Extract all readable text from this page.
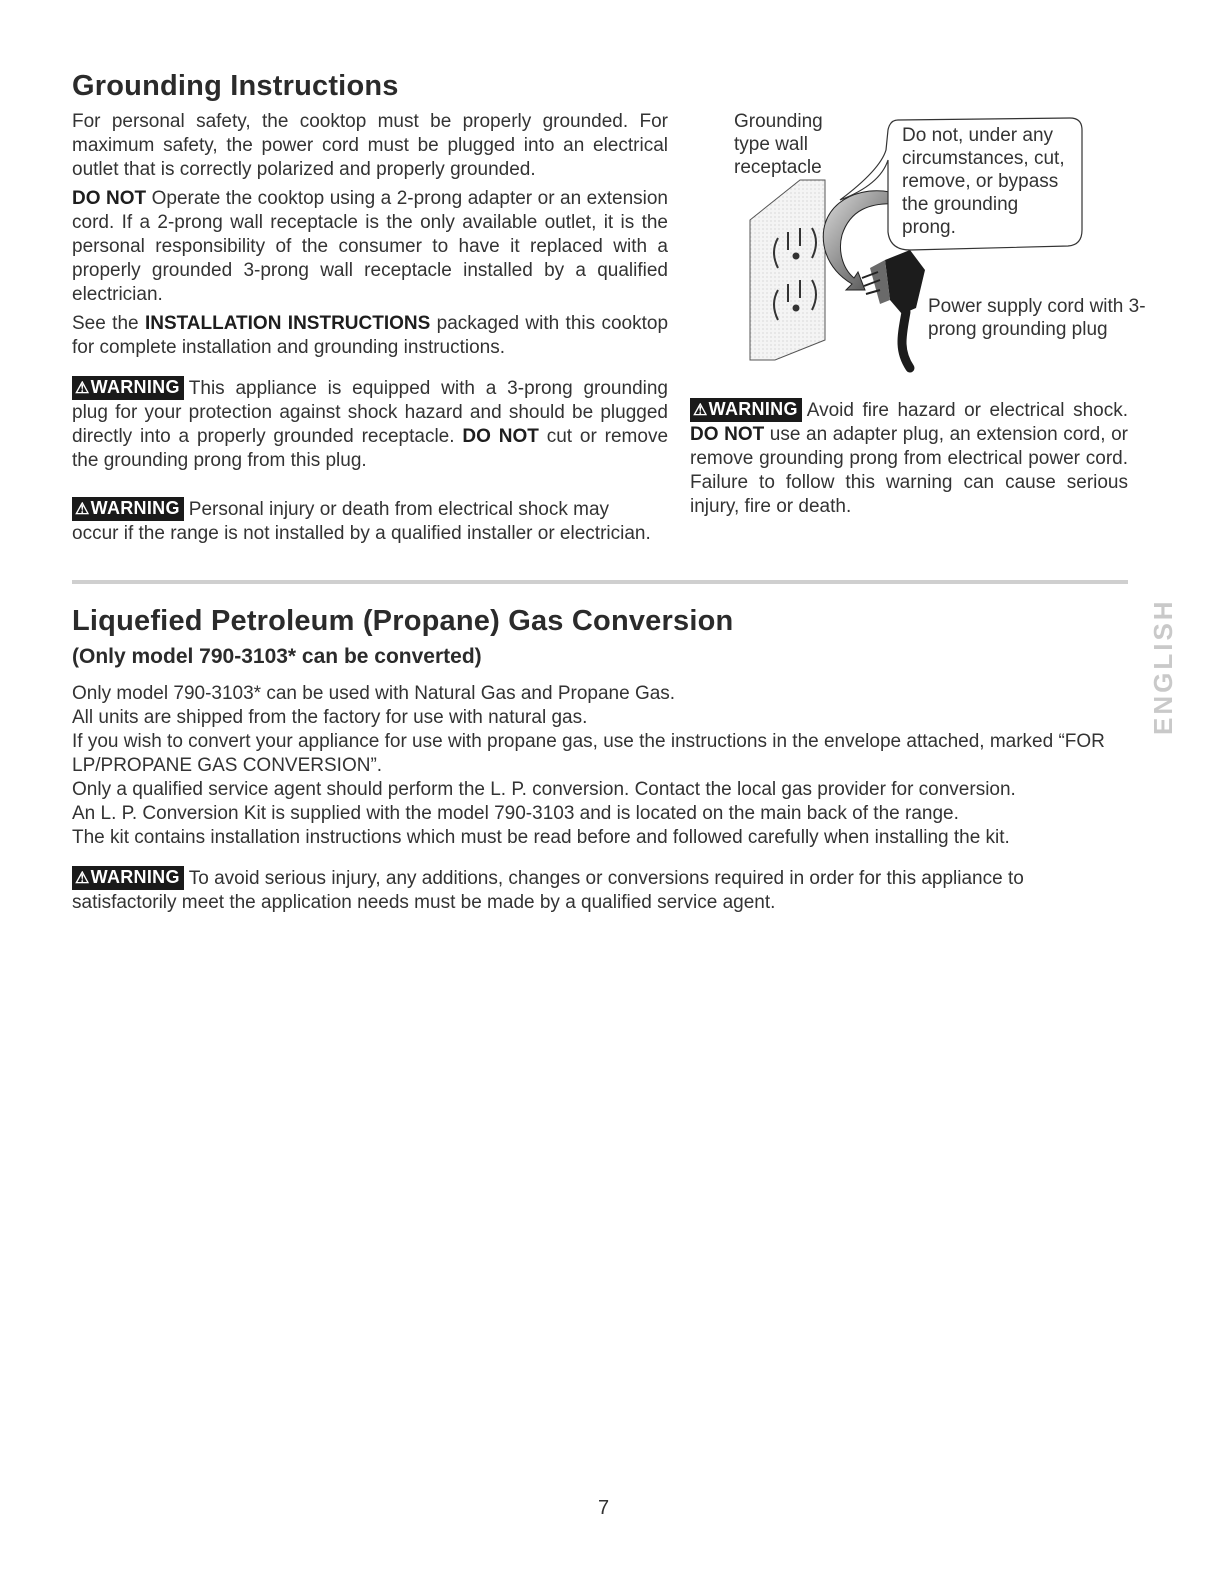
Grounding Instructions

For personal safety, the cooktop must be properly grounded. For maximum safety, the power cord must be plugged into an electrical outlet that is correctly polarized and properly grounded.

DO NOT Operate the cooktop using a 2-prong adapter or an extension cord. If a 2-prong wall receptacle is the only available outlet, it is the personal responsibility of the consumer to have it replaced with a properly grounded 3-prong wall receptacle installed by a qualified electrician.

See the INSTALLATION INSTRUCTIONS packaged with this cooktop for complete installation and grounding instructions.

⚠WARNING This appliance is equipped with a 3-prong grounding plug for your protection against shock hazard and should be plugged directly into a properly grounded receptacle. DO NOT cut or remove the grounding prong from this plug.

⚠WARNING Personal injury or death from electrical shock may occur if the range is not installed by a qualified installer or electrician.

Grounding type wall receptacle
Do not, under any circumstances, cut, remove, or bypass the grounding prong.
Power supply cord with 3-prong grounding plug

⚠WARNING Avoid fire hazard or electrical shock. DO NOT use an adapter plug, an extension cord, or remove grounding prong from electrical power cord. Failure to follow this warning can cause serious injury, fire or death.

ENGLISH
Liquefied Petroleum (Propane) Gas Conversion
(Only model 790-3103* can be converted)

Only model 790-3103* can be used with Natural Gas and Propane Gas.

All units are shipped from the factory for use with natural gas.

If you wish to convert your appliance for use with propane gas, use the instructions in the envelope attached, marked “FOR LP/PROPANE GAS CONVERSION”.

Only a qualified service agent should perform the L. P. conversion. Contact the local gas provider for conversion.

An L. P. Conversion Kit is supplied with the model 790-3103 and is located on the main back of the range.

The kit contains installation instructions which must be read before and followed carefully when installing the kit.

⚠WARNING To avoid serious injury, any additions, changes or conversions required in order for this appliance to satisfactorily meet the application needs must be made by a qualified service agent.

7
